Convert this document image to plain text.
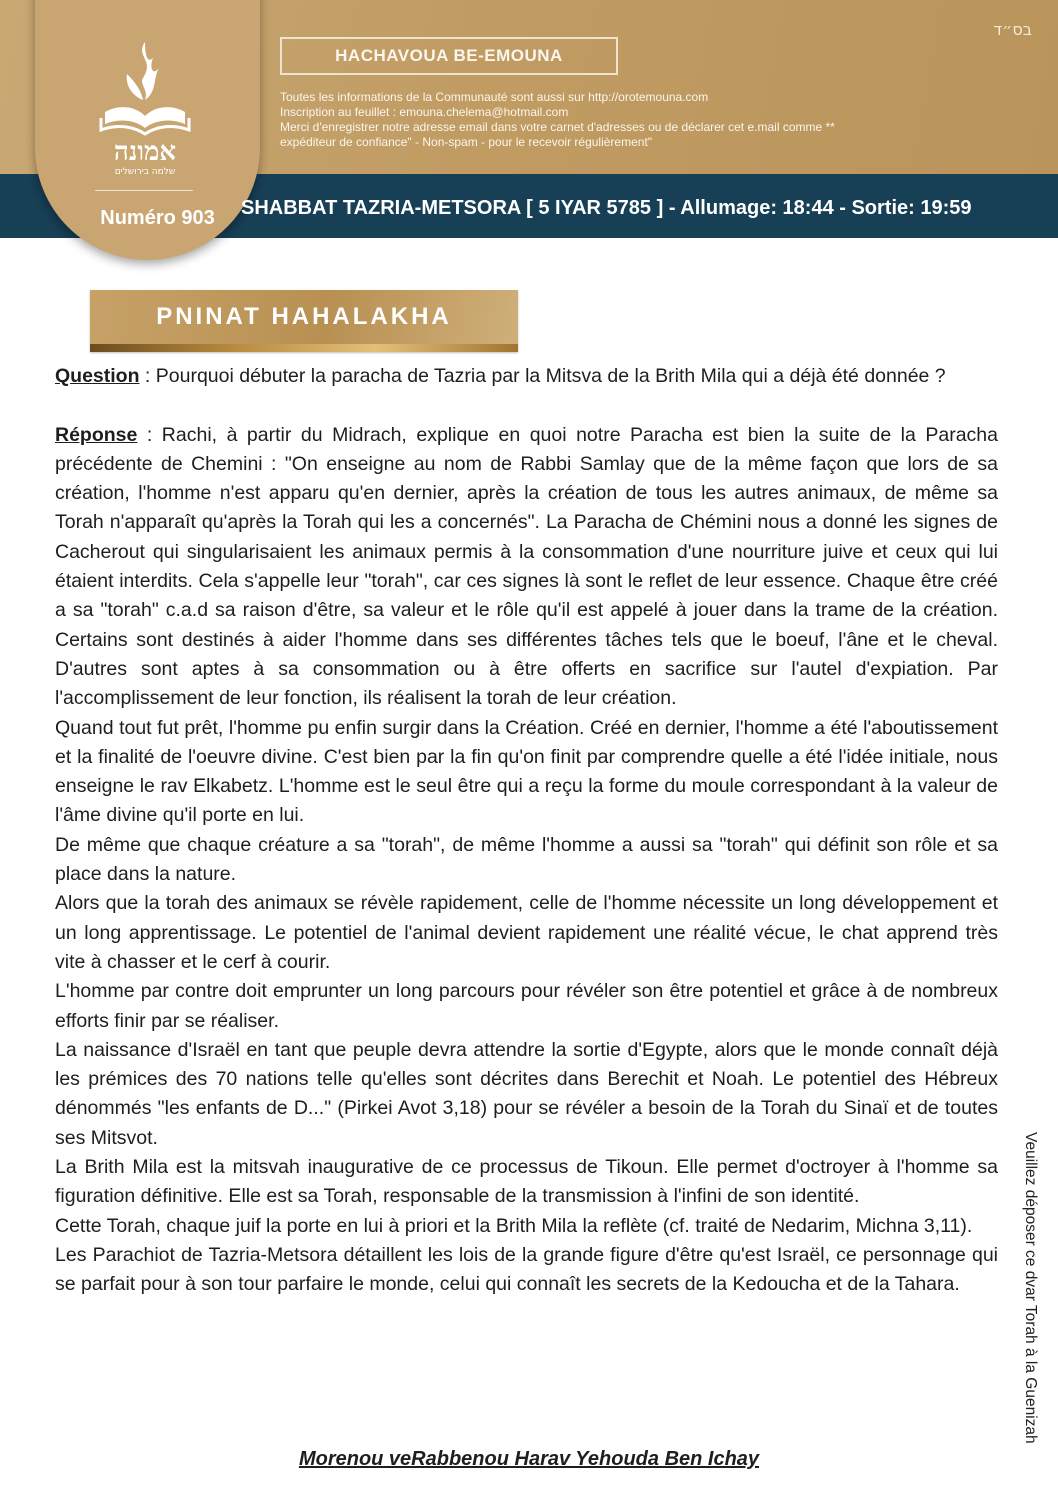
אמונה
שלמה בירושלים
Numéro 903
בס״ד
HACHAVOUA BE-EMOUNA
Toutes les informations de la Communauté sont aussi sur http://orotemouna.com
Inscription au feuillet : emouna.chelema@hotmail.com
Merci d'enregistrer notre adresse email dans votre carnet d'adresses ou de déclarer cet e.mail comme **
expéditeur de confiance" - Non-spam - pour le recevoir régulièrement"
SHABBAT TAZRIA-METSORA [ 5 IYAR 5785 ] - Allumage: 18:44 - Sortie: 19:59
PNINAT HAHALAKHA

Question : Pourquoi débuter la paracha de Tazria par la Mitsva de la Brith Mila qui a déjà été donnée ?

Réponse : Rachi, à partir du Midrach, explique en quoi notre Paracha est bien la suite de la Paracha précédente de Chemini : "On enseigne au nom de Rabbi Samlay que de la même façon que lors de sa création, l'homme n'est apparu qu'en dernier, après la création de tous les autres animaux, de même sa Torah n'apparaît qu'après la Torah qui les a concernés". La Paracha de Chémini nous a donné les signes de Cacherout qui singularisaient les animaux permis à la consommation d'une nourriture juive et ceux qui lui étaient interdits. Cela s'appelle leur "torah", car ces signes là sont le reflet de leur essence. Chaque être créé a sa "torah" c.a.d sa raison d'être, sa valeur et le rôle qu'il est appelé à jouer dans la trame de la création. Certains sont destinés à aider l'homme dans ses différentes tâches tels que le boeuf, l'âne et le cheval. D'autres sont aptes à sa consommation ou à être offerts en sacrifice sur l'autel d'expiation. Par l'accomplissement de leur fonction, ils réalisent la torah de leur création.

Quand tout fut prêt, l'homme pu enfin surgir dans la Création. Créé en dernier, l'homme a été l'aboutissement et la finalité de l'oeuvre divine. C'est bien par la fin qu'on finit par comprendre quelle a été l'idée initiale, nous enseigne le rav Elkabetz. L'homme est le seul être qui a reçu la forme du moule correspondant à la valeur de l'âme divine qu'il porte en lui.

De même que chaque créature a sa "torah", de même l'homme a aussi sa "torah" qui définit son rôle et sa place dans la nature.

Alors que la torah des animaux se révèle rapidement, celle de l'homme nécessite un long développement et un long apprentissage. Le potentiel de l'animal devient rapidement une réalité vécue, le chat apprend très vite à chasser et le cerf à courir.

L'homme par contre doit emprunter un long parcours pour révéler son être potentiel et grâce à de nombreux efforts finir par se réaliser.

La naissance d'Israël en tant que peuple devra attendre la sortie d'Egypte, alors que le monde connaît déjà les prémices des 70 nations telle qu'elles sont décrites dans Berechit et Noah. Le potentiel des Hébreux dénommés "les enfants de D..." (Pirkei Avot 3,18) pour se révéler a besoin de la Torah du Sinaï et de toutes ses Mitsvot.

La Brith Mila est la mitsvah inaugurative de ce processus de Tikoun. Elle permet d'octroyer à l'homme sa figuration définitive. Elle est sa Torah, responsable de la transmission à l'infini de son identité.

Cette Torah, chaque juif la porte en lui à priori et la Brith Mila la reflète (cf. traité de Nedarim, Michna 3,11).

Les Parachiot de Tazria-Metsora détaillent les lois de la grande figure d'être qu'est Israël, ce personnage qui se parfait pour à son tour parfaire le monde, celui qui connaît les secrets de la Kedoucha et de la Tahara.

Morenou veRabbenou Harav Yehouda Ben Ichay
Veuillez déposer ce dvar Torah à la Guenizah
